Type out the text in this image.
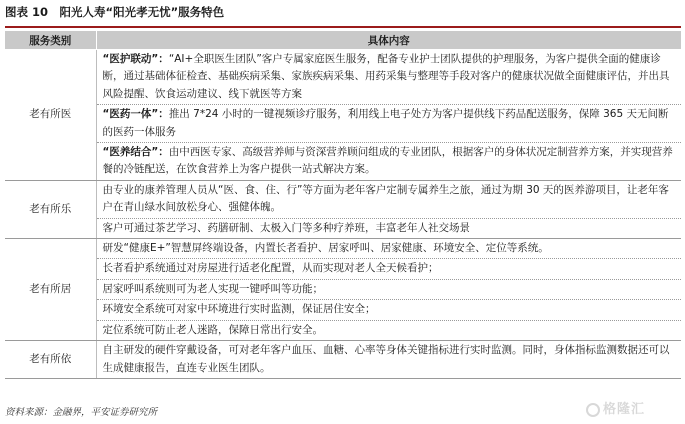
图表 10　阳光人寿“阳光孝无忧”服务特色
服务类别	具体内容
老有所医	“医护联动”：“AI+全职医生团队”客户专属家庭医生服务，配备专业护士团队提供的护理服务，为客户提供全面的健康诊断，通过基础体征检查、基础疾病采集、家族疾病采集、用药采集与整理等手段对客户的健康状况做全面健康评估，并出具风险提醒、饮食运动建议、线下就医等方案
	“医药一体”：推出 7*24 小时的一键视频诊疗服务，利用线上电子处方为客户提供线下药品配送服务，保障 365 天无间断的医药一体服务
	“医养结合”：由中西医专家、高级营养师与资深营养顾问组成的专业团队，根据客户的身体状况定制营养方案，并实现营养餐的冷链配送，在饮食营养上为客户提供一站式解决方案。
老有所乐	由专业的康养管理人员从“医、食、住、行”等方面为老年客户定制专属养生之旅，通过为期 30 天的医养游项目，让老年客户在青山绿水间放松身心、强健体魄。
	客户可通过茶艺学习、药膳研制、太极入门等多种疗养班，丰富老年人社交场景
老有所居	研发“健康E+”智慧屏终端设备，内置长者看护、居家呼叫、居家健康、环境安全、定位等系统。
	长者看护系统通过对房屋进行适老化配置，从而实现对老人全天候看护；
	居家呼叫系统则可为老人实现一键呼叫等功能；
	环境安全系统可对家中环境进行实时监测，保证居住安全；
	定位系统可防止老人迷路，保障日常出行安全。
老有所依	自主研发的硬件穿戴设备，可对老年客户血压、血糖、心率等身体关键指标进行实时监测。同时，身体指标监测数据还可以生成健康报告，直连专业医生团队。
资料来源：金融界，平安证券研究所	格隆汇
